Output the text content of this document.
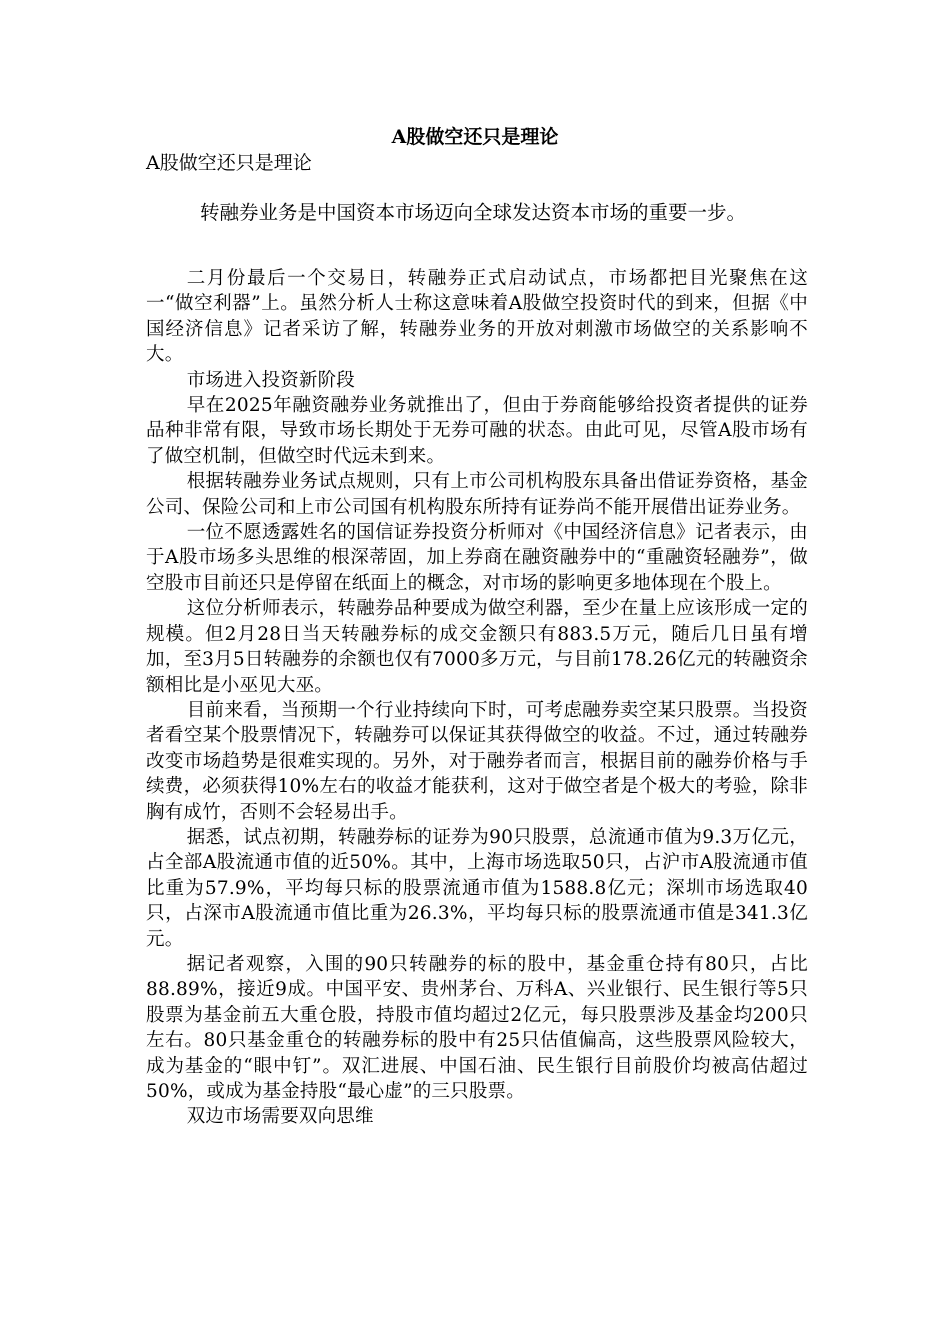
A股做空还只是理论
A股做空还只是理论
转融券业务是中国资本市场迈向全球发达资本市场的重要一步。

二月份最后一个交易日，转融券正式启动试点，市场都把目光聚焦在这一“做空利器”上。虽然分析人士称这意味着A股做空投资时代的到来，但据《中国经济信息》记者采访了解，转融券业务的开放对刺激市场做空的关系影响不大。

市场进入投资新阶段

早在2025年融资融券业务就推出了，但由于券商能够给投资者提供的证券品种非常有限，导致市场长期处于无券可融的状态。由此可见，尽管A股市场有了做空机制，但做空时代远未到来。

根据转融券业务试点规则，只有上市公司机构股东具备出借证券资格，基金公司、保险公司和上市公司国有机构股东所持有证券尚不能开展借出证券业务。

一位不愿透露姓名的国信证券投资分析师对《中国经济信息》记者表示，由于A股市场多头思维的根深蒂固，加上券商在融资融券中的“重融资轻融券”，做空股市目前还只是停留在纸面上的概念，对市场的影响更多地体现在个股上。

这位分析师表示，转融券品种要成为做空利器，至少在量上应该形成一定的规模。但2月28日当天转融券标的成交金额只有883.5万元，随后几日虽有增加，至3月5日转融券的余额也仅有7000多万元，与目前178.26亿元的转融资余额相比是小巫见大巫。

目前来看，当预期一个行业持续向下时，可考虑融券卖空某只股票。当投资者看空某个股票情况下，转融券可以保证其获得做空的收益。不过，通过转融券改变市场趋势是很难实现的。另外，对于融券者而言，根据目前的融券价格与手续费，必须获得10%左右的收益才能获利，这对于做空者是个极大的考验，除非胸有成竹，否则不会轻易出手。

据悉，试点初期，转融券标的证券为90只股票，总流通市值为9.3万亿元，占全部A股流通市值的近50%。其中，上海市场选取50只，占沪市A股流通市值比重为57.9%，平均每只标的股票流通市值为1588.8亿元；深圳市场选取40只，占深市A股流通市值比重为26.3%，平均每只标的股票流通市值是341.3亿元。

据记者观察，入围的90只转融券的标的股中，基金重仓持有80只，占比88.89%，接近9成。中国平安、贵州茅台、万科A、兴业银行、民生银行等5只股票为基金前五大重仓股，持股市值均超过2亿元，每只股票涉及基金均200只左右。80只基金重仓的转融券标的股中有25只估值偏高，这些股票风险较大，成为基金的“眼中钉”。双汇进展、中国石油、民生银行目前股价均被高估超过50%，或成为基金持股“最心虚”的三只股票。

双边市场需要双向思维
